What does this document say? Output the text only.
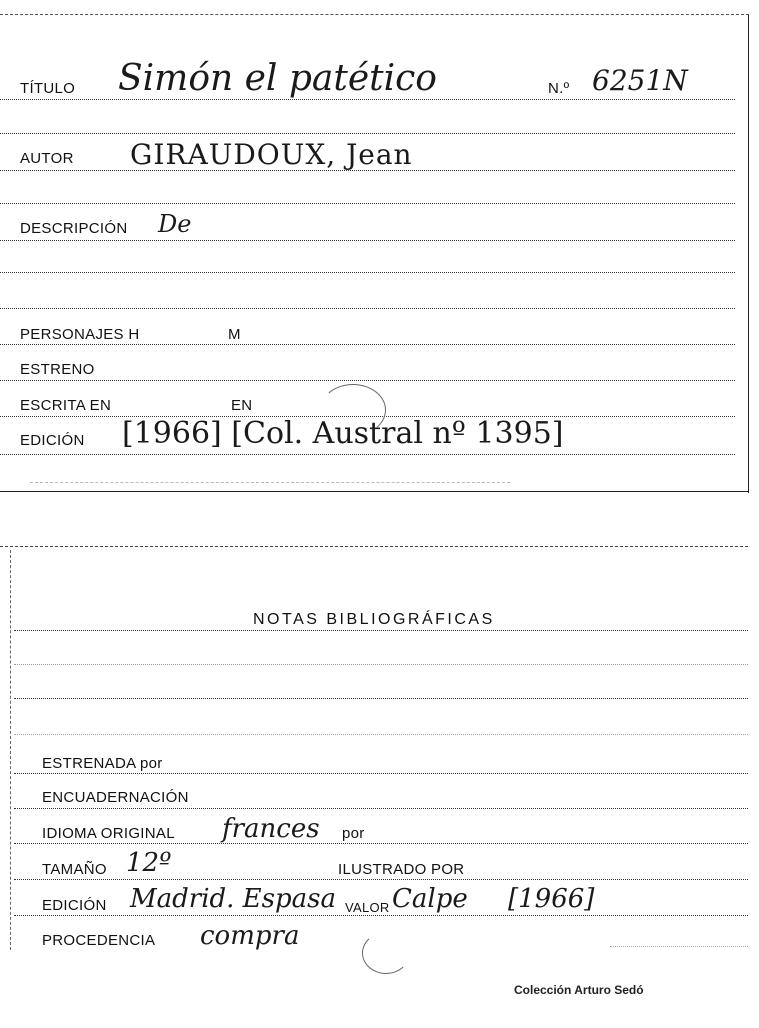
TÍTULO Simón el patético	N.º 6251N
AUTOR GIRAUDOUX, Jean
DESCRIPCIÓN De
PERSONAJES H	M
ESTRENO
ESCRITA EN	EN
EDICIÓN [1966] [Col. Austral nº 1395]
NOTAS BIBLIOGRÁFICAS
ESTRENADA por
ENCUADERNACIÓN
IDIOMA ORIGINAL frances por
TAMAÑO 12º	ILUSTRADO POR
EDICIÓN Madrid. Espasa VALOR Calpe [1966]
PROCEDENCIA compra
Colección Arturo Sedó
